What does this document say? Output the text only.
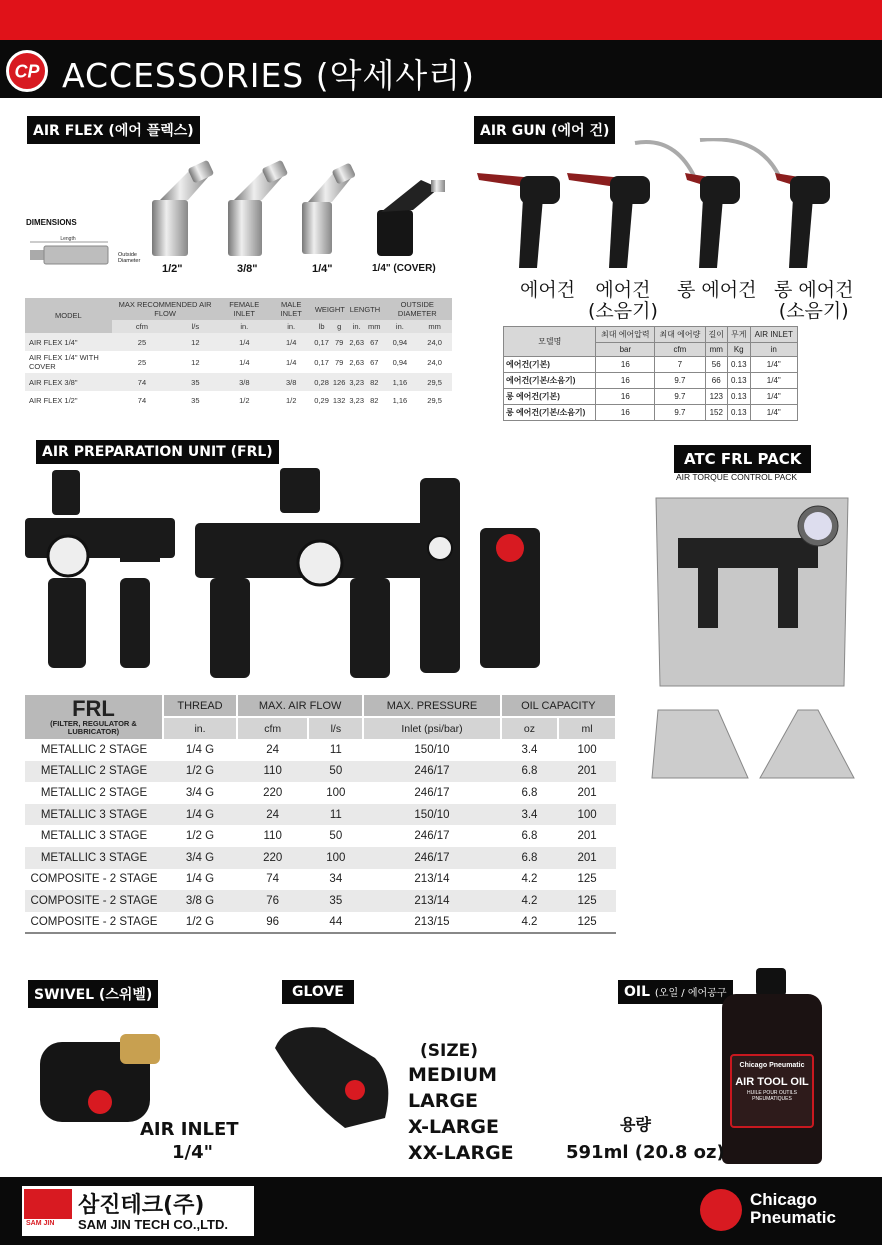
CP ACCESSORIES (악세사리)
AIR FLEX (에어 플렉스)
DIMENSIONS
Length
Outside Diameter
1/2"	3/8"	1/4"	1/4" (COVER)
MODEL	MAX RECOMMENDED AIR FLOW		FEMALE INLET	MALE INLET	WEIGHT		LENGTH		OUTSIDE DIAMETER	
	cfm	l/s	in.	in.	lb	g	in.	mm	in.	mm
AIR FLEX 1/4"	25	12	1/4	1/4	0,17	79	2,63	67	0,94	24,0
AIR FLEX 1/4" WITH COVER	25	12	1/4	1/4	0,17	79	2,63	67	0,94	24,0
AIR FLEX 3/8"	74	35	3/8	3/8	0,28	126	3,23	82	1,16	29,5
AIR FLEX 1/2"	74	35	1/2	1/2	0,29	132	3,23	82	1,16	29,5
AIR GUN (에어 건)
에어건	에어건
(소음기)
롱 에어건 롱 에어건
(소음기)
모델명	최대 에어압력	최대 에어량	길이	무게	AIR INLET
	bar	cfm	mm	Kg	in
에어건(기본)	16	7	56	0.13	1/4"
에어건(기본/소음기)	16	9.7	66	0.13	1/4"
롱 에어건(기본)	16	9.7	123	0.13	1/4"
롱 에어건(기본/소음기)	16	9.7	152	0.13	1/4"
AIR PREPARATION UNIT (FRL)
FRL
(FILTER, REGULATOR & LUBRICATOR)	THREAD	MAX. AIR FLOW		MAX. PRESSURE	OIL CAPACITY	
	in.	cfm	l/s	Inlet (psi/bar)	oz	ml
METALLIC 2 STAGE	1/4 G	24	11	150/10	3.4	100
METALLIC 2 STAGE	1/2 G	110	50	246/17	6.8	201
METALLIC 2 STAGE	3/4 G	220	100	246/17	6.8	201
METALLIC 3 STAGE	1/4 G	24	11	150/10	3.4	100
METALLIC 3 STAGE	1/2 G	110	50	246/17	6.8	201
METALLIC 3 STAGE	3/4 G	220	100	246/17	6.8	201
COMPOSITE - 2 STAGE	1/4 G	74	34	213/14	4.2	125
COMPOSITE - 2 STAGE	3/8 G	76	35	213/14	4.2	125
COMPOSITE - 2 STAGE	1/2 G	96	44	213/15	4.2	125
ATC FRL PACK
AIR TORQUE CONTROL PACK
SWIVEL (스위벨)
AIR INLET
1/4"
GLOVE
(SIZE)
MEDIUM
LARGE
X-LARGE
XX-LARGE
OIL (오일 / 에어공구
Chicago Pneumatic
AIR TOOL OIL
HUILE POUR OUTILS PNEUMATIQUES
용량
591ml (20.8 oz)
SAM JIN
삼진테크(주)
SAM JIN TECH CO.,LTD.
Chicago Pneumatic
